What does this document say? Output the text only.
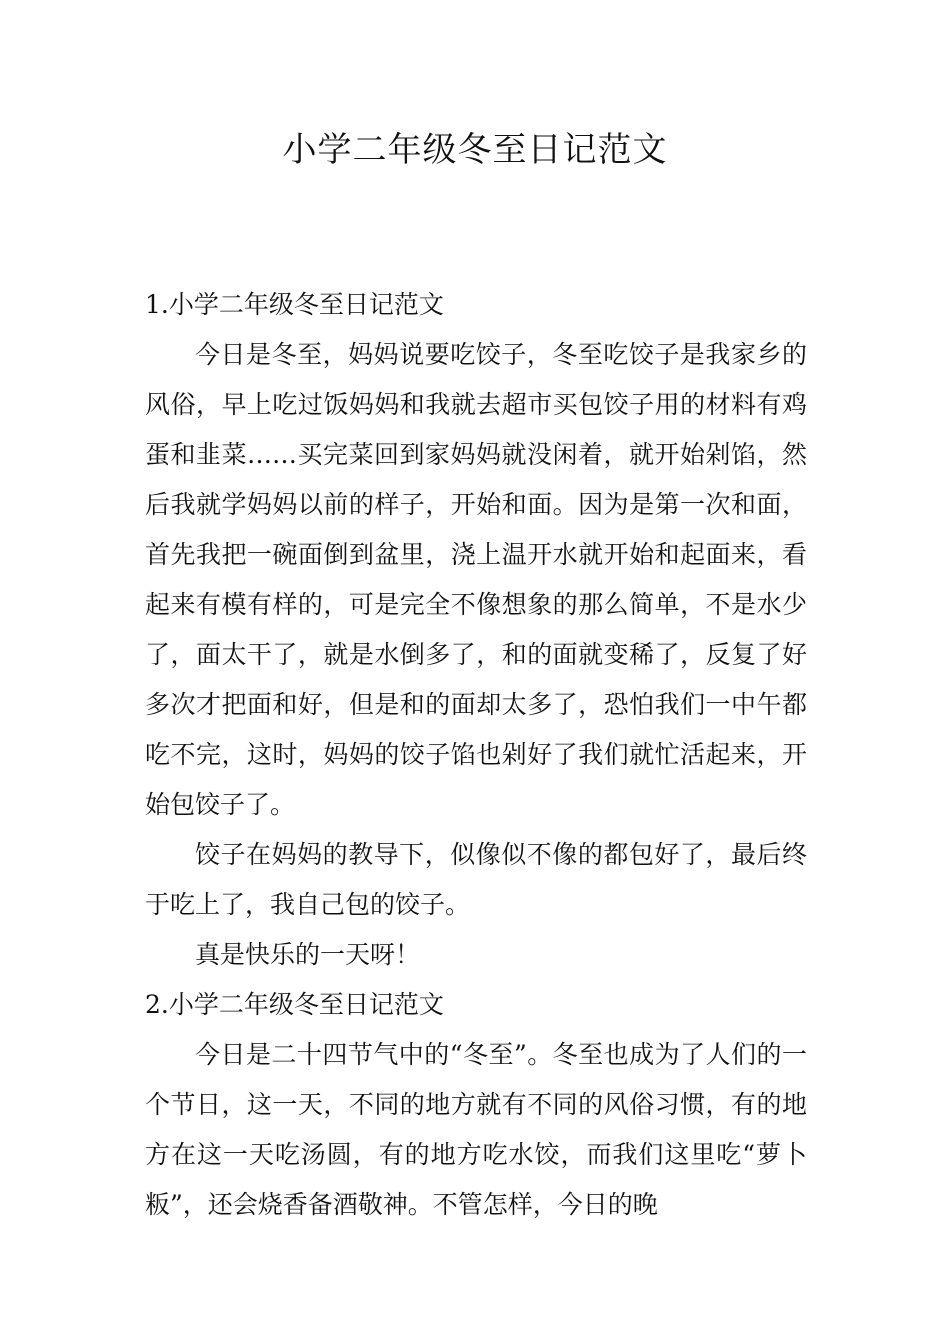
小学二年级冬至日记范文
1.小学二年级冬至日记范文

今日是冬至，妈妈说要吃饺子，冬至吃饺子是我家乡的风俗，早上吃过饭妈妈和我就去超市买包饺子用的材料有鸡蛋和韭菜……买完菜回到家妈妈就没闲着，就开始剁馅，然后我就学妈妈以前的样子，开始和面。因为是第一次和面，首先我把一碗面倒到盆里，浇上温开水就开始和起面来，看起来有模有样的，可是完全不像想象的那么简单，不是水少了，面太干了，就是水倒多了，和的面就变稀了，反复了好多次才把面和好，但是和的面却太多了，恐怕我们一中午都吃不完，这时，妈妈的饺子馅也剁好了我们就忙活起来，开始包饺子了。

饺子在妈妈的教导下，似像似不像的都包好了，最后终于吃上了，我自己包的饺子。

真是快乐的一天呀！

2.小学二年级冬至日记范文

今日是二十四节气中的“冬至”。冬至也成为了人们的一个节日，这一天，不同的地方就有不同的风俗习惯，有的地方在这一天吃汤圆，有的地方吃水饺，而我们这里吃“萝卜粄”，还会烧香备酒敬神。不管怎样，今日的晚
